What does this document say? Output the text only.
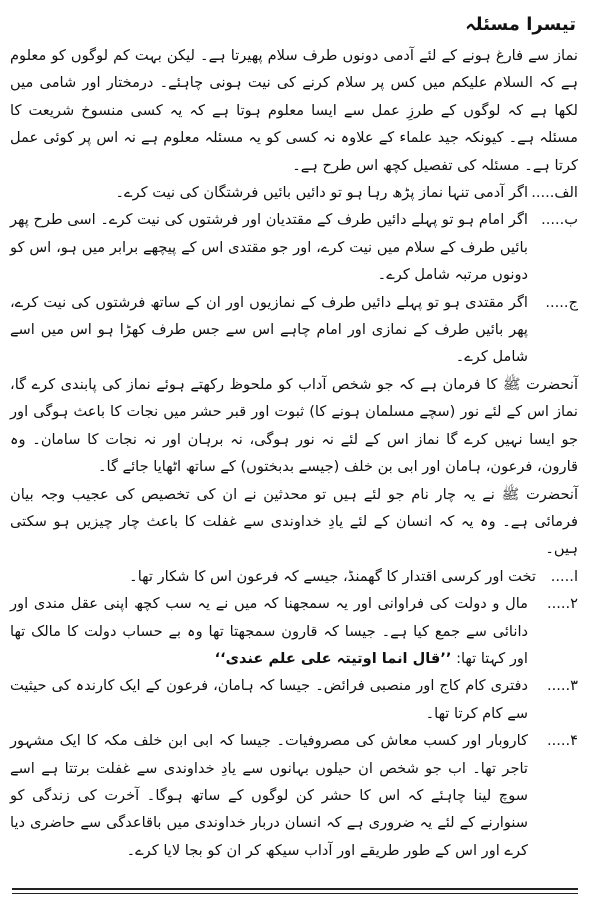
تیسرا مسئلہ

نماز سے فارغ ہونے کے لئے آدمی دونوں طرف سلام پھیرتا ہے۔ لیکن بہت کم لوگوں کو معلوم ہے کہ السلام علیکم میں کس پر سلام کرنے کی نیت ہونی چاہئے۔ درمختار اور شامی میں لکھا ہے کہ لوگوں کے طرزِ عمل سے ایسا معلوم ہوتا ہے کہ یہ کسی منسوخ شریعت کا مسئلہ ہے۔ کیونکہ جید علماء کے علاوہ نہ کسی کو یہ مسئلہ معلوم ہے نہ اس پر کوئی عمل کرتا ہے۔ مسئلہ کی تفصیل کچھ اس طرح ہے۔

الف.....

اگر آدمی تنہا نماز پڑھ رہا ہو تو دائیں بائیں فرشتگان کی نیت کرے۔

ب.....

اگر امام ہو تو پہلے دائیں طرف کے مقتدیان اور فرشتوں کی نیت کرے۔ اسی طرح پھر بائیں طرف کے سلام میں نیت کرے، اور جو مقتدی اس کے پیچھے برابر میں ہو، اس کو دونوں مرتبہ شامل کرے۔

ج.....

اگر مقتدی ہو تو پہلے دائیں طرف کے نمازیوں اور ان کے ساتھ فرشتوں کی نیت کرے، پھر بائیں طرف کے نمازی اور امام چاہے اس سے جس طرف کھڑا ہو اس میں اسے شامل کرے۔

آنحضرت ﷺ کا فرمان ہے کہ جو شخص آداب کو ملحوظ رکھتے ہوئے نماز کی پابندی کرے گا، نماز اس کے لئے نور (سچے مسلمان ہونے کا) ثبوت اور قبر حشر میں نجات کا باعث ہوگی اور جو ایسا نہیں کرے گا نماز اس کے لئے نہ نور ہوگی، نہ برہان اور نہ نجات کا سامان۔ وہ قارون، فرعون، ہامان اور ابی بن خلف (جیسے بدبختوں) کے ساتھ اٹھایا جائے گا۔

آنحضرت ﷺ نے یہ چار نام جو لئے ہیں تو محدثین نے ان کی تخصیص کی عجیب وجہ بیان فرمائی ہے۔ وہ یہ کہ انسان کے لئے یادِ خداوندی سے غفلت کا باعث چار چیزیں ہو سکتی ہیں۔

ا.....

تخت اور کرسی اقتدار کا گھمنڈ، جیسے کہ فرعون اس کا شکار تھا۔

۲.....

مال و دولت کی فراوانی اور یہ سمجھنا کہ میں نے یہ سب کچھ اپنی عقل مندی اور دانائی سے جمع کیا ہے۔ جیسا کہ قارون سمجھتا تھا وہ بے حساب دولت کا مالک تھا اور کہتا تھا: ’’قال انما اوتیتہ علی علم عندی‘‘

۳.....

دفتری کام کاج اور منصبی فرائض۔ جیسا کہ ہامان، فرعون کے ایک کارندہ کی حیثیت سے کام کرتا تھا۔

۴.....

کاروبار اور کسب معاش کی مصروفیات۔ جیسا کہ ابی ابن خلف مکہ کا ایک مشہور تاجر تھا۔ اب جو شخص ان حیلوں بہانوں سے یادِ خداوندی سے غفلت برتتا ہے اسے سوچ لینا چاہئے کہ اس کا حشر کن لوگوں کے ساتھ ہوگا۔ آخرت کی زندگی کو سنوارنے کے لئے یہ ضروری ہے کہ انسان دربار خداوندی میں باقاعدگی سے حاضری دیا کرے اور اس کے طور طریقے اور آداب سیکھ کر ان کو بجا لایا کرے۔
